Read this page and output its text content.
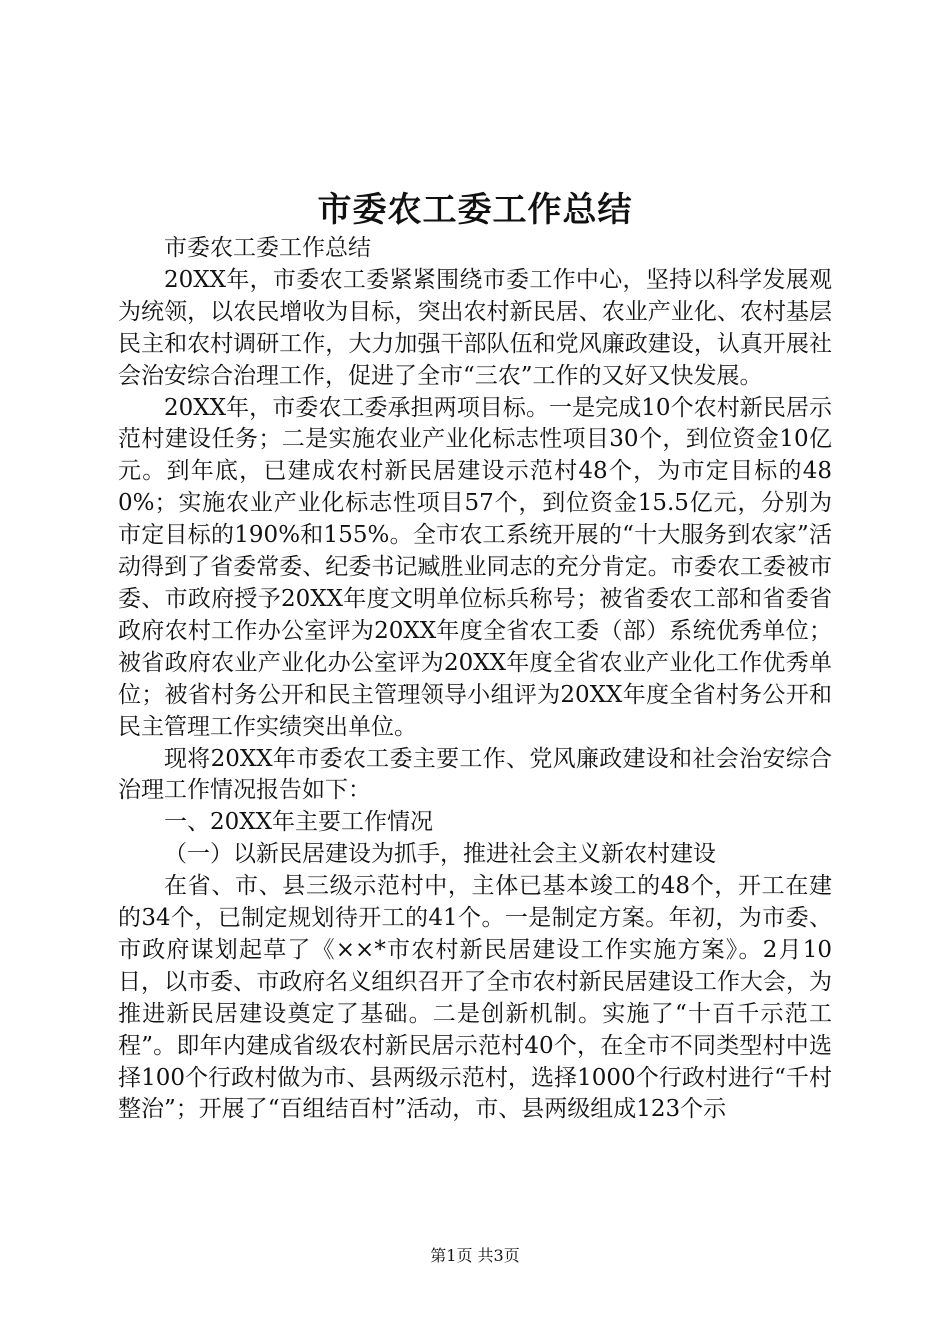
市委农工委工作总结

市委农工委工作总结

20XX年，市委农工委紧紧围绕市委工作中心，坚持以科学发展观为统领，以农民增收为目标，突出农村新民居、农业产业化、农村基层民主和农村调研工作，大力加强干部队伍和党风廉政建设，认真开展社会治安综合治理工作，促进了全市“三农”工作的又好又快发展。

20XX年，市委农工委承担两项目标。一是完成10个农村新民居示范村建设任务；二是实施农业产业化标志性项目30个，到位资金10亿元。到年底，已建成农村新民居建设示范村48个，为市定目标的480%；实施农业产业化标志性项目57个，到位资金15.5亿元，分别为市定目标的190%和155%。全市农工系统开展的“十大服务到农家”活动得到了省委常委、纪委书记臧胜业同志的充分肯定。市委农工委被市委、市政府授予20XX年度文明单位标兵称号；被省委农工部和省委省政府农村工作办公室评为20XX年度全省农工委（部）系统优秀单位；被省政府农业产业化办公室评为20XX年度全省农业产业化工作优秀单位；被省村务公开和民主管理领导小组评为20XX年度全省村务公开和民主管理工作实绩突出单位。

现将20XX年市委农工委主要工作、党风廉政建设和社会治安综合治理工作情况报告如下：

一、20XX年主要工作情况

（一）以新民居建设为抓手，推进社会主义新农村建设

在省、市、县三级示范村中，主体已基本竣工的48个，开工在建的34个，已制定规划待开工的41个。一是制定方案。年初，为市委、市政府谋划起草了《××*市农村新民居建设工作实施方案》。2月10日，以市委、市政府名义组织召开了全市农村新民居建设工作大会，为推进新民居建设奠定了基础。二是创新机制。实施了“十百千示范工程”。即年内建成省级农村新民居示范村40个，在全市不同类型村中选择100个行政村做为市、县两级示范村，选择1000个行政村进行“千村整治”；开展了“百组结百村”活动，市、县两级组成123个示

第1页 共3页
